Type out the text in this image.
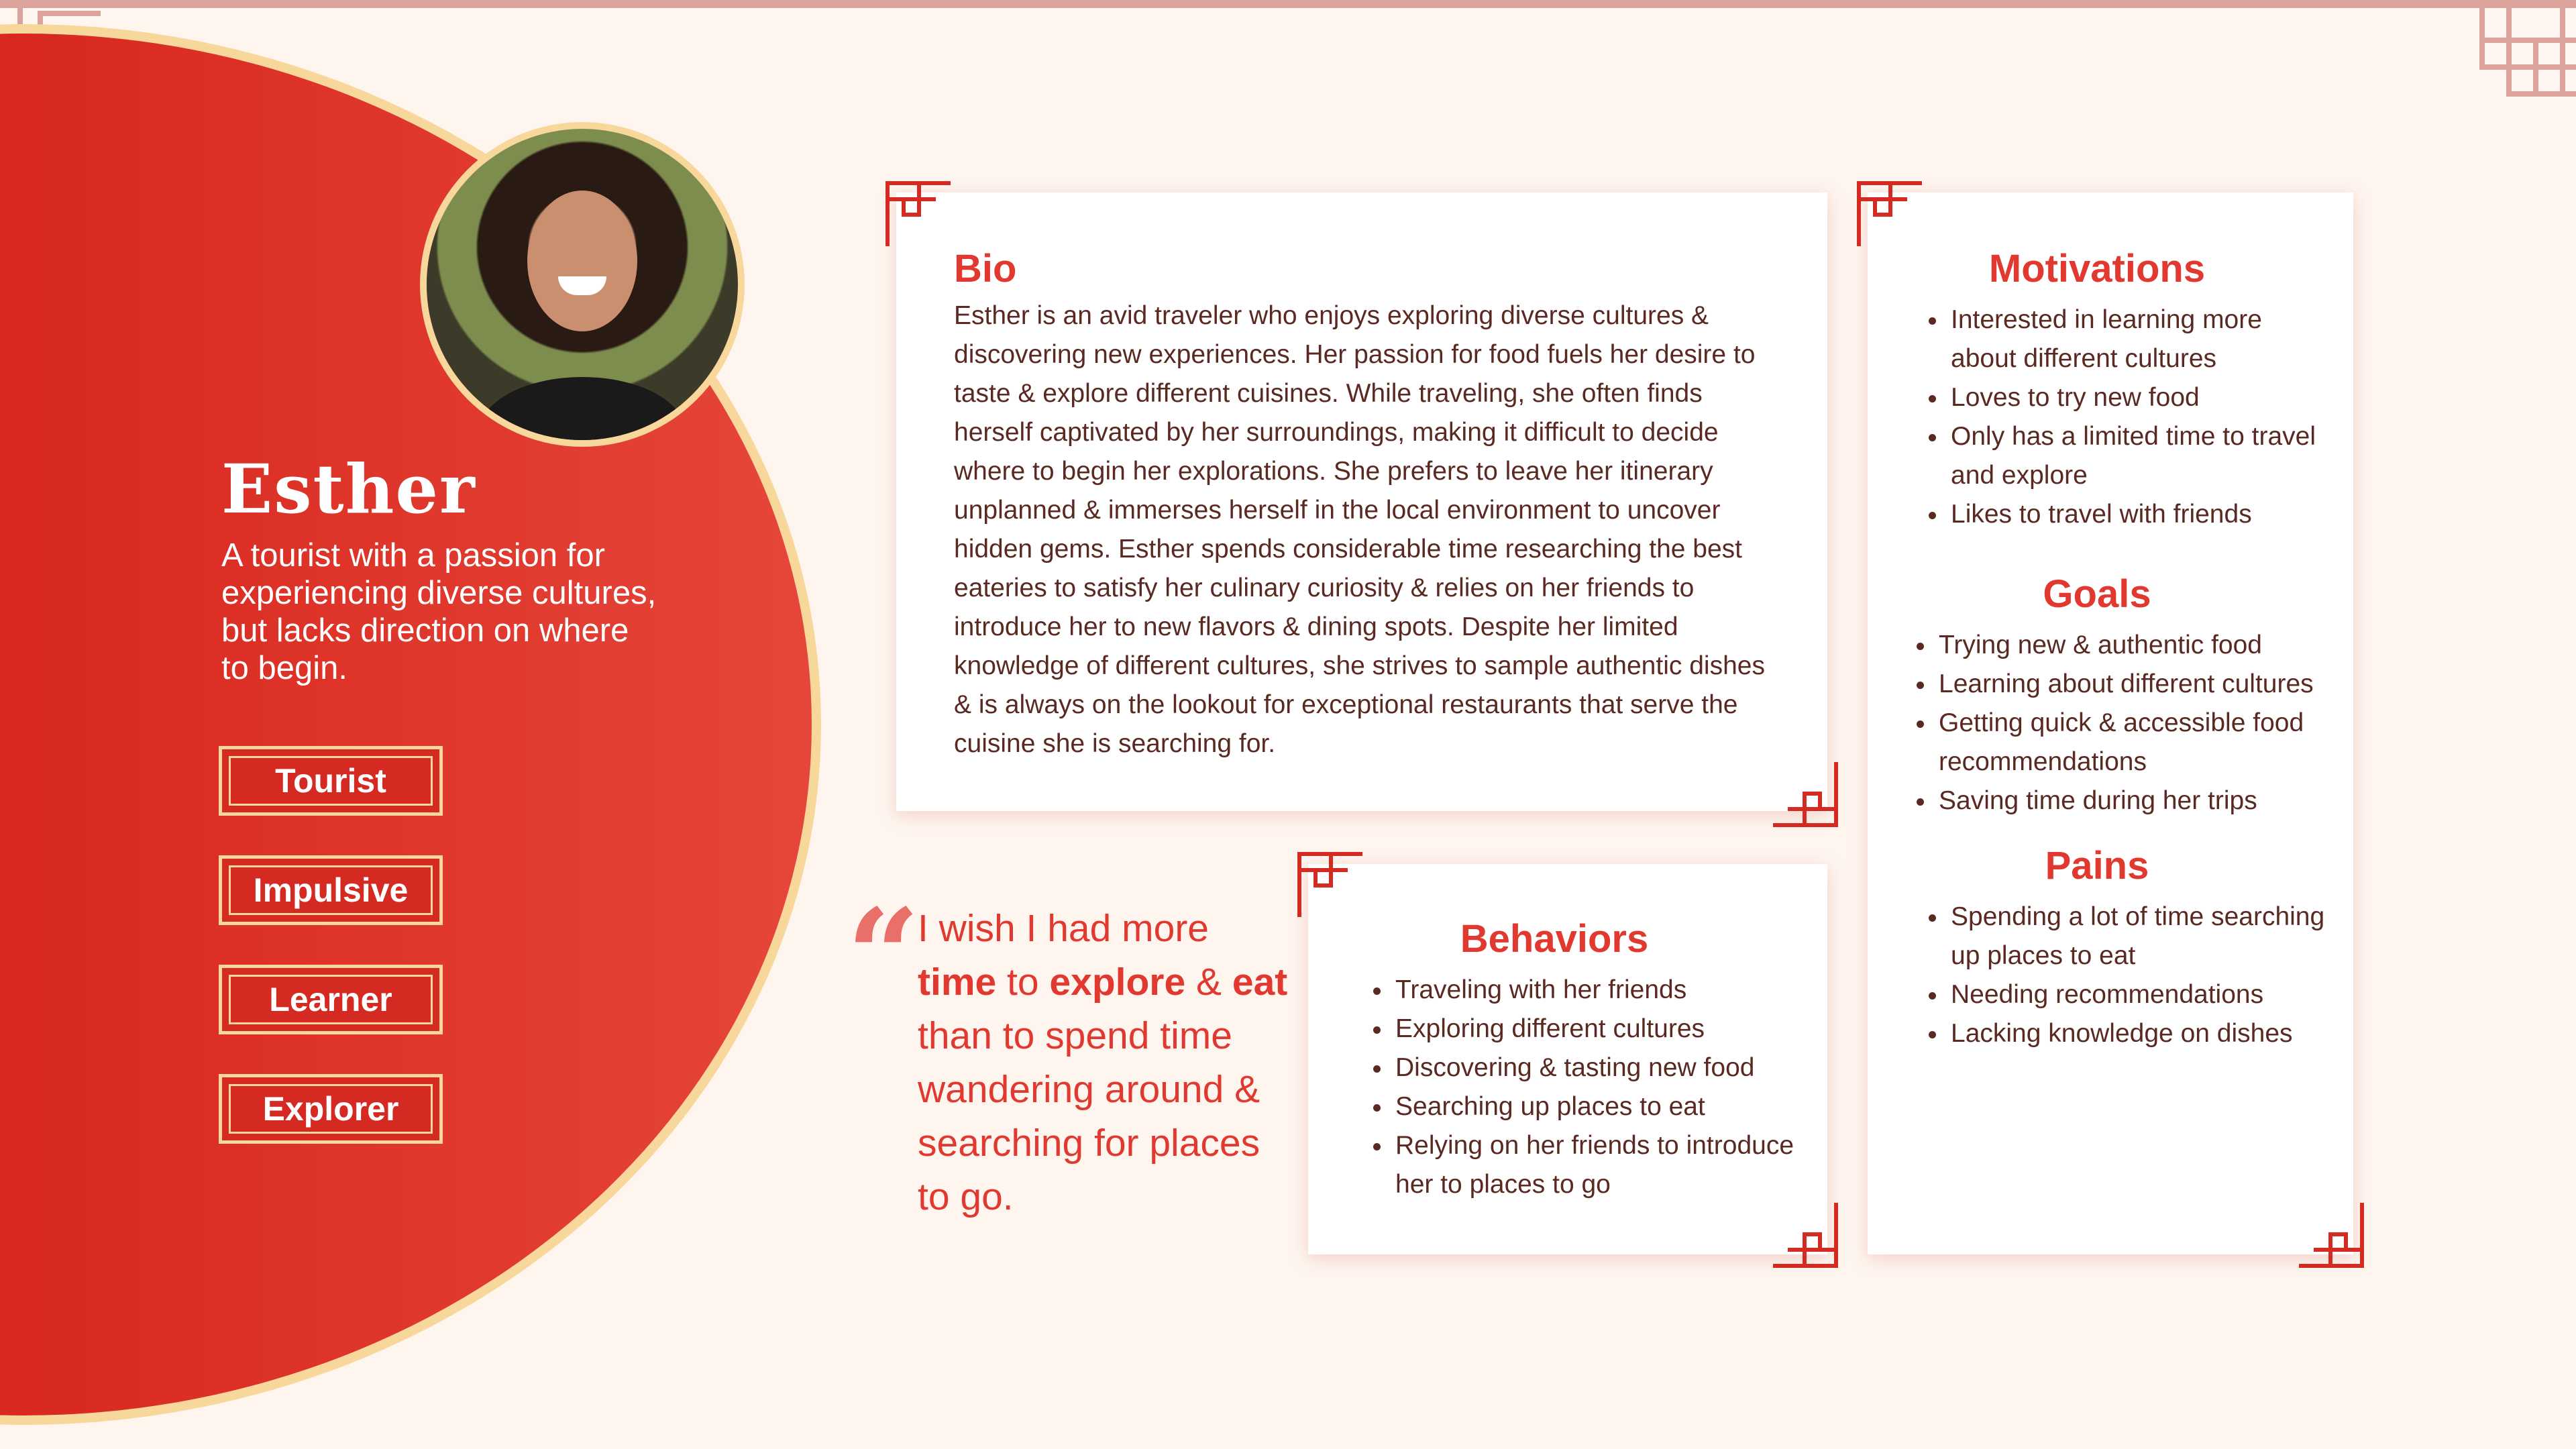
Esther

A tourist with a passion for experiencing diverse cultures, but lacks direction on where to begin.

Tourist
Impulsive
Learner
Explorer
Bio

Esther is an avid traveler who enjoys exploring diverse cultures & discovering new experiences. Her passion for food fuels her desire to taste & explore different cuisines. While traveling, she often finds herself captivated by her surroundings, making it difficult to decide where to begin her explorations. She prefers to leave her itinerary unplanned & immerses herself in the local environment to uncover hidden gems. Esther spends considerable time researching the best eateries to satisfy her culinary curiosity & relies on her friends to introduce her to new flavors & dining spots. Despite her limited knowledge of different cultures, she strives to sample authentic dishes & is always on the lookout for exceptional restaurants that serve the cuisine she is searching for.

Behaviors
• Traveling with her friends
• Exploring different cultures
• Discovering & tasting new food
• Searching up places to eat
• Relying on her friends to introduce her to places to go
Motivations
• Interested in learning more about different cultures
• Loves to try new food
• Only has a limited time to travel and explore
• Likes to travel with friends
Goals
• Trying new & authentic food
• Learning about different cultures
• Getting quick & accessible food recommendations
• Saving time during her trips
Pains
• Spending a lot of time searching up places to eat
• Needing recommendations
• Lacking knowledge on dishes
“
I wish I had more time to explore & eat than to spend time wandering around & searching for places to go.
